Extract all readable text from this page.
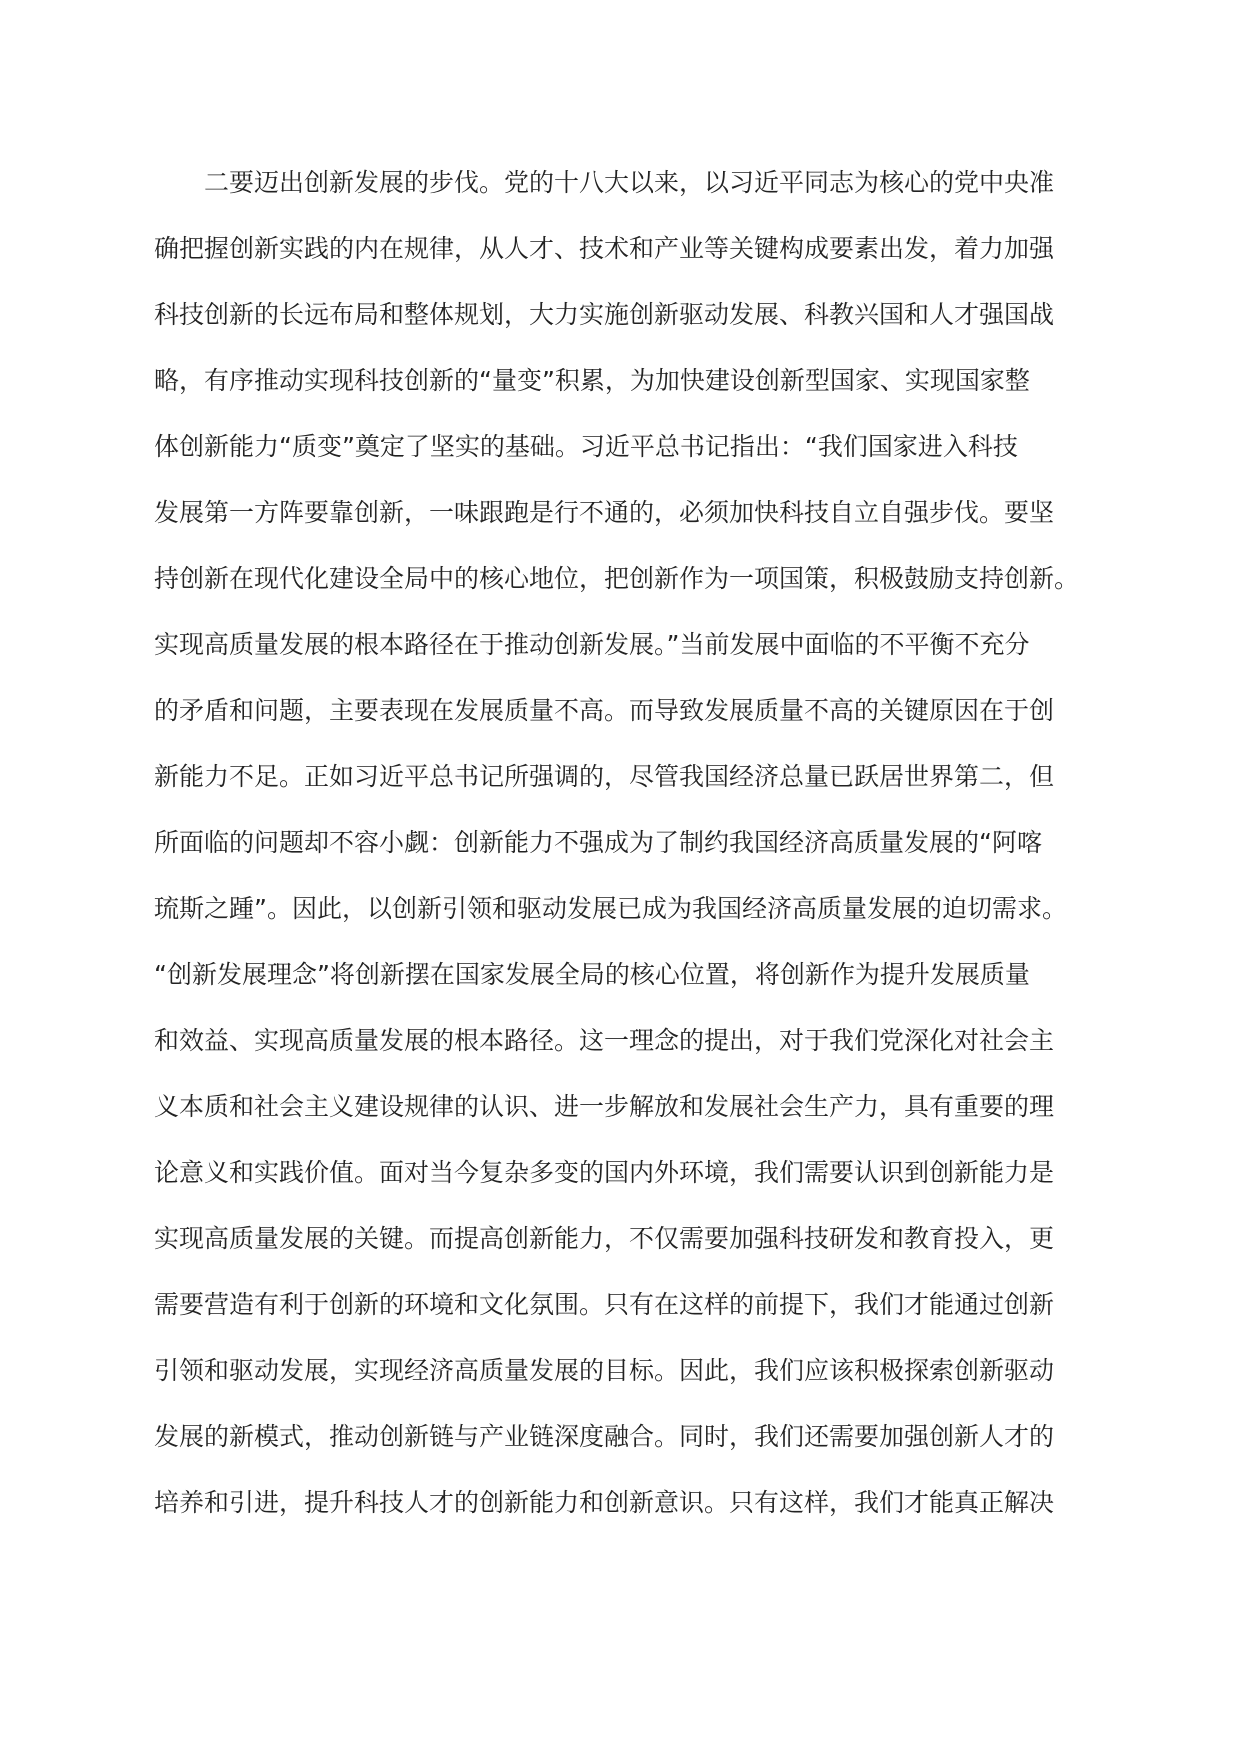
二要迈出创新发展的步伐。党的十八大以来，以习近平同志为核心的党中央准
确把握创新实践的内在规律，从人才、技术和产业等关键构成要素出发，着力加强
科技创新的长远布局和整体规划，大力实施创新驱动发展、科教兴国和人才强国战
略，有序推动实现科技创新的“量变”积累，为加快建设创新型国家、实现国家整
体创新能力“质变”奠定了坚实的基础。习近平总书记指出：“我们国家进入科技
发展第一方阵要靠创新，一味跟跑是行不通的，必须加快科技自立自强步伐。要坚
持创新在现代化建设全局中的核心地位，把创新作为一项国策，积极鼓励支持创新。
实现高质量发展的根本路径在于推动创新发展。”当前发展中面临的不平衡不充分
的矛盾和问题，主要表现在发展质量不高。而导致发展质量不高的关键原因在于创
新能力不足。正如习近平总书记所强调的，尽管我国经济总量已跃居世界第二，但
所面临的问题却不容小觑：创新能力不强成为了制约我国经济高质量发展的“阿喀
琉斯之踵”。因此，以创新引领和驱动发展已成为我国经济高质量发展的迫切需求。
“创新发展理念”将创新摆在国家发展全局的核心位置，将创新作为提升发展质量
和效益、实现高质量发展的根本路径。这一理念的提出，对于我们党深化对社会主
义本质和社会主义建设规律的认识、进一步解放和发展社会生产力，具有重要的理
论意义和实践价值。面对当今复杂多变的国内外环境，我们需要认识到创新能力是
实现高质量发展的关键。而提高创新能力，不仅需要加强科技研发和教育投入，更
需要营造有利于创新的环境和文化氛围。只有在这样的前提下，我们才能通过创新
引领和驱动发展，实现经济高质量发展的目标。因此，我们应该积极探索创新驱动
发展的新模式，推动创新链与产业链深度融合。同时，我们还需要加强创新人才的
培养和引进，提升科技人才的创新能力和创新意识。只有这样，我们才能真正解决
